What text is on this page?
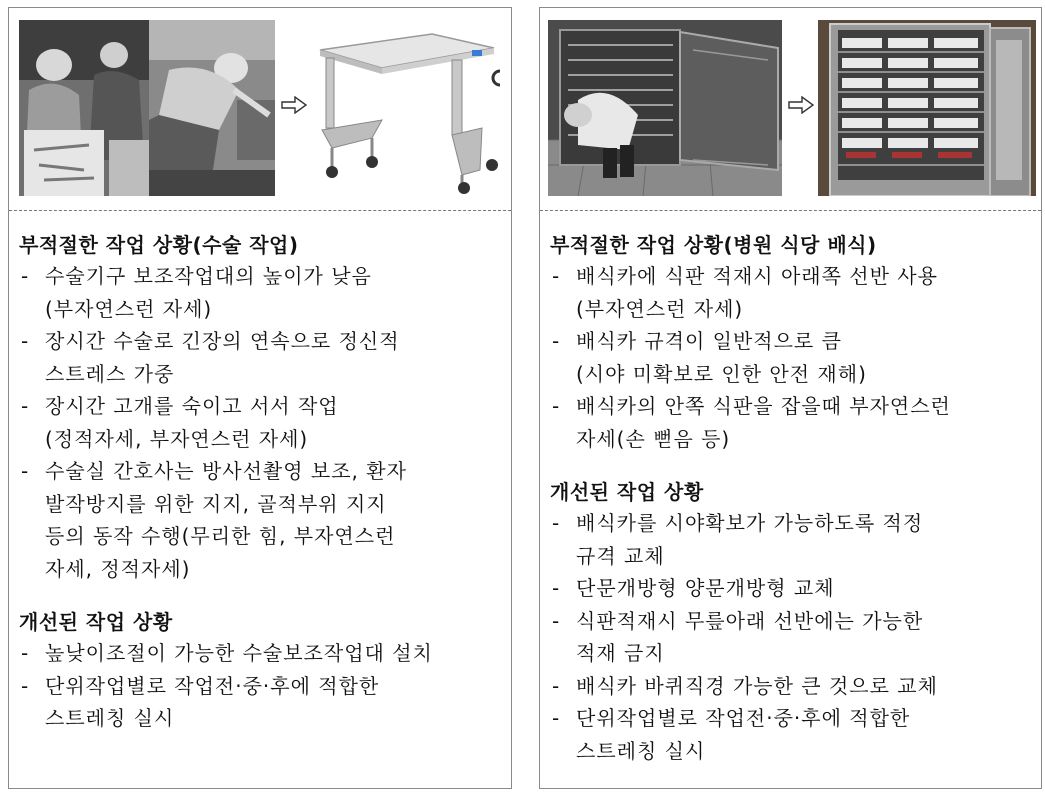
부적절한 작업 상황(수술 작업)
- 수술기구 보조작업대의 높이가 낮음
(부자연스런 자세)
- 장시간 수술로 긴장의 연속으로 정신적
스트레스 가중
- 장시간 고개를 숙이고 서서 작업
(정적자세, 부자연스런 자세)
- 수술실 간호사는 방사선촬영 보조, 환자
발작방지를 위한 지지, 골적부위 지지
등의 동작 수행(무리한 힘, 부자연스런
자세, 정적자세)
개선된 작업 상황
- 높낮이조절이 가능한 수술보조작업대 설치
- 단위작업별로 작업전·중·후에 적합한
스트레칭 실시
부적절한 작업 상황(병원 식당 배식)
- 배식카에 식판 적재시 아래쪽 선반 사용
(부자연스런 자세)
- 배식카 규격이 일반적으로 큼
(시야 미확보로 인한 안전 재해)
- 배식카의 안쪽 식판을 잡을때 부자연스런
자세(손 뻗음 등)
개선된 작업 상황
- 배식카를 시야확보가 가능하도록 적정
규격 교체
- 단문개방형 양문개방형 교체
- 식판적재시 무릎아래 선반에는 가능한
적재 금지
- 배식카 바퀴직경 가능한 큰 것으로 교체
- 단위작업별로 작업전·중·후에 적합한
스트레칭 실시
